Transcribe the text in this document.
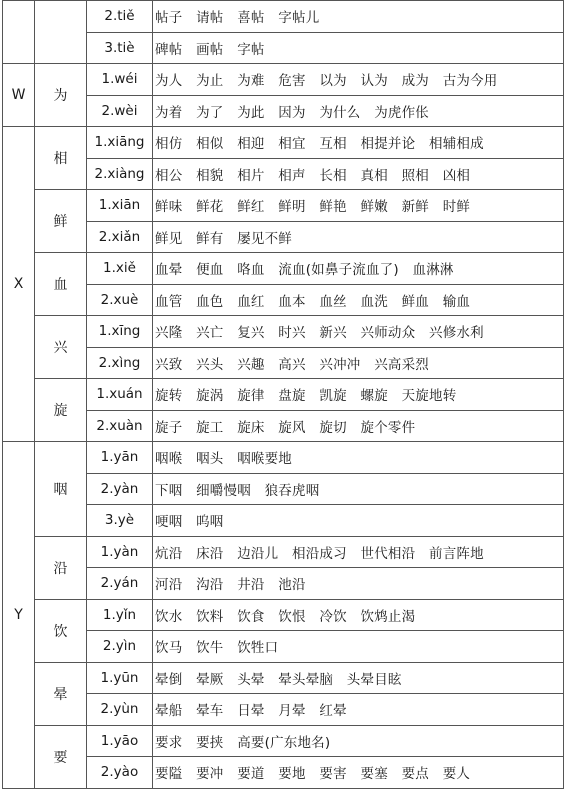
		2.tiě	帖子　请帖　喜帖　字帖儿
		3.tiè	碑帖　画帖　字帖
W	为	1.wéi	为人　为止　为难　危害　以为　认为　成为　古为今用
		2.wèi	为着　为了　为此　因为　为什么　为虎作伥
X	相	1.xiāng	相仿　相似　相迎　相宜　互相　相提并论　相辅相成
		2.xiàng	相公　相貌　相片　相声　长相　真相　照相　凶相
	鲜	1.xiān	鲜味　鲜花　鲜红　鲜明　鲜艳　鲜嫩　新鲜　时鲜
		2.xiǎn	鲜见　鲜有　屡见不鲜
	血	1.xiě	血晕　便血　咯血　流血(如鼻子流血了)　血淋淋
		2.xuè	血管　血色　血红　血本　血丝　血洗　鲜血　输血
	兴	1.xīng	兴隆　兴亡　复兴　时兴　新兴　兴师动众　兴修水利
		2.xìng	兴致　兴头　兴趣　高兴　兴冲冲　兴高采烈
	旋	1.xuán	旋转　旋涡　旋律　盘旋　凯旋　螺旋　天旋地转
		2.xuàn	旋子　旋工　旋床　旋风　旋切　旋个零件
Y	咽	1.yān	咽喉　咽头　咽喉要地
		2.yàn	下咽　细嚼慢咽　狼吞虎咽
		3.yè	哽咽　呜咽
	沿	1.yàn	炕沿　床沿　边沿儿　相沿成习　世代相沿　前言阵地
		2.yán	河沿　沟沿　井沿　池沿
	饮	1.yǐn	饮水　饮料　饮食　饮恨　冷饮　饮鸩止渴
		2.yìn	饮马　饮牛　饮牲口
	晕	1.yūn	晕倒　晕厥　头晕　晕头晕脑　头晕目眩
		2.yùn	晕船　晕车　日晕　月晕　红晕
	要	1.yāo	要求　要挟　高要(广东地名)
		2.yào	要隘　要冲　要道　要地　要害　要塞　要点　要人
